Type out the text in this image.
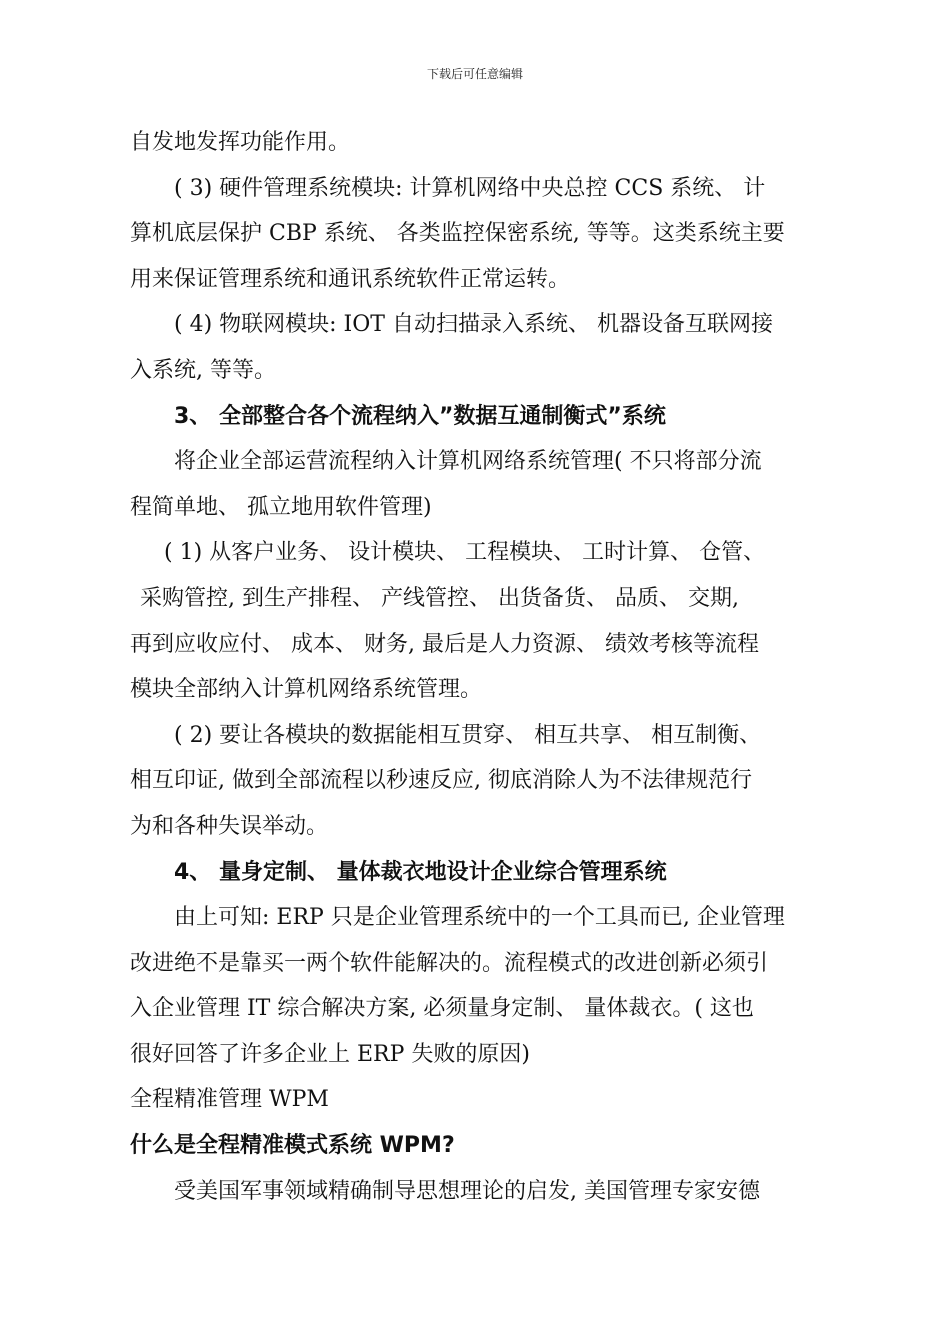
下载后可任意编辑
自发地发挥功能作用。
( 3) 硬件管理系统模块: 计算机网络中央总控 CCS 系统、 计
算机底层保护 CBP 系统、 各类监控保密系统, 等等。这类系统主要
用来保证管理系统和通讯系统软件正常运转。
( 4) 物联网模块: IOT 自动扫描录入系统、 机器设备互联网接
入系统, 等等。
3、 全部整合各个流程纳入”数据互通制衡式”系统
将企业全部运营流程纳入计算机网络系统管理( 不只将部分流
程简单地、 孤立地用软件管理)
( 1) 从客户业务、 设计模块、 工程模块、 工时计算、 仓管、
采购管控, 到生产排程、 产线管控、 出货备货、 品质、 交期,
再到应收应付、 成本、 财务, 最后是人力资源、 绩效考核等流程
模块全部纳入计算机网络系统管理。
( 2) 要让各模块的数据能相互贯穿、 相互共享、 相互制衡、
相互印证, 做到全部流程以秒速反应, 彻底消除人为不法律规范行
为和各种失误举动。
4、 量身定制、 量体裁衣地设计企业综合管理系统
由上可知: ERP 只是企业管理系统中的一个工具而已, 企业管理
改进绝不是靠买一两个软件能解决的。流程模式的改进创新必须引
入企业管理 IT 综合解决方案, 必须量身定制、 量体裁衣。( 这也
很好回答了许多企业上 ERP 失败的原因)
全程精准管理 WPM
什么是全程精准模式系统 WPM?
受美国军事领域精确制导思想理论的启发, 美国管理专家安德
